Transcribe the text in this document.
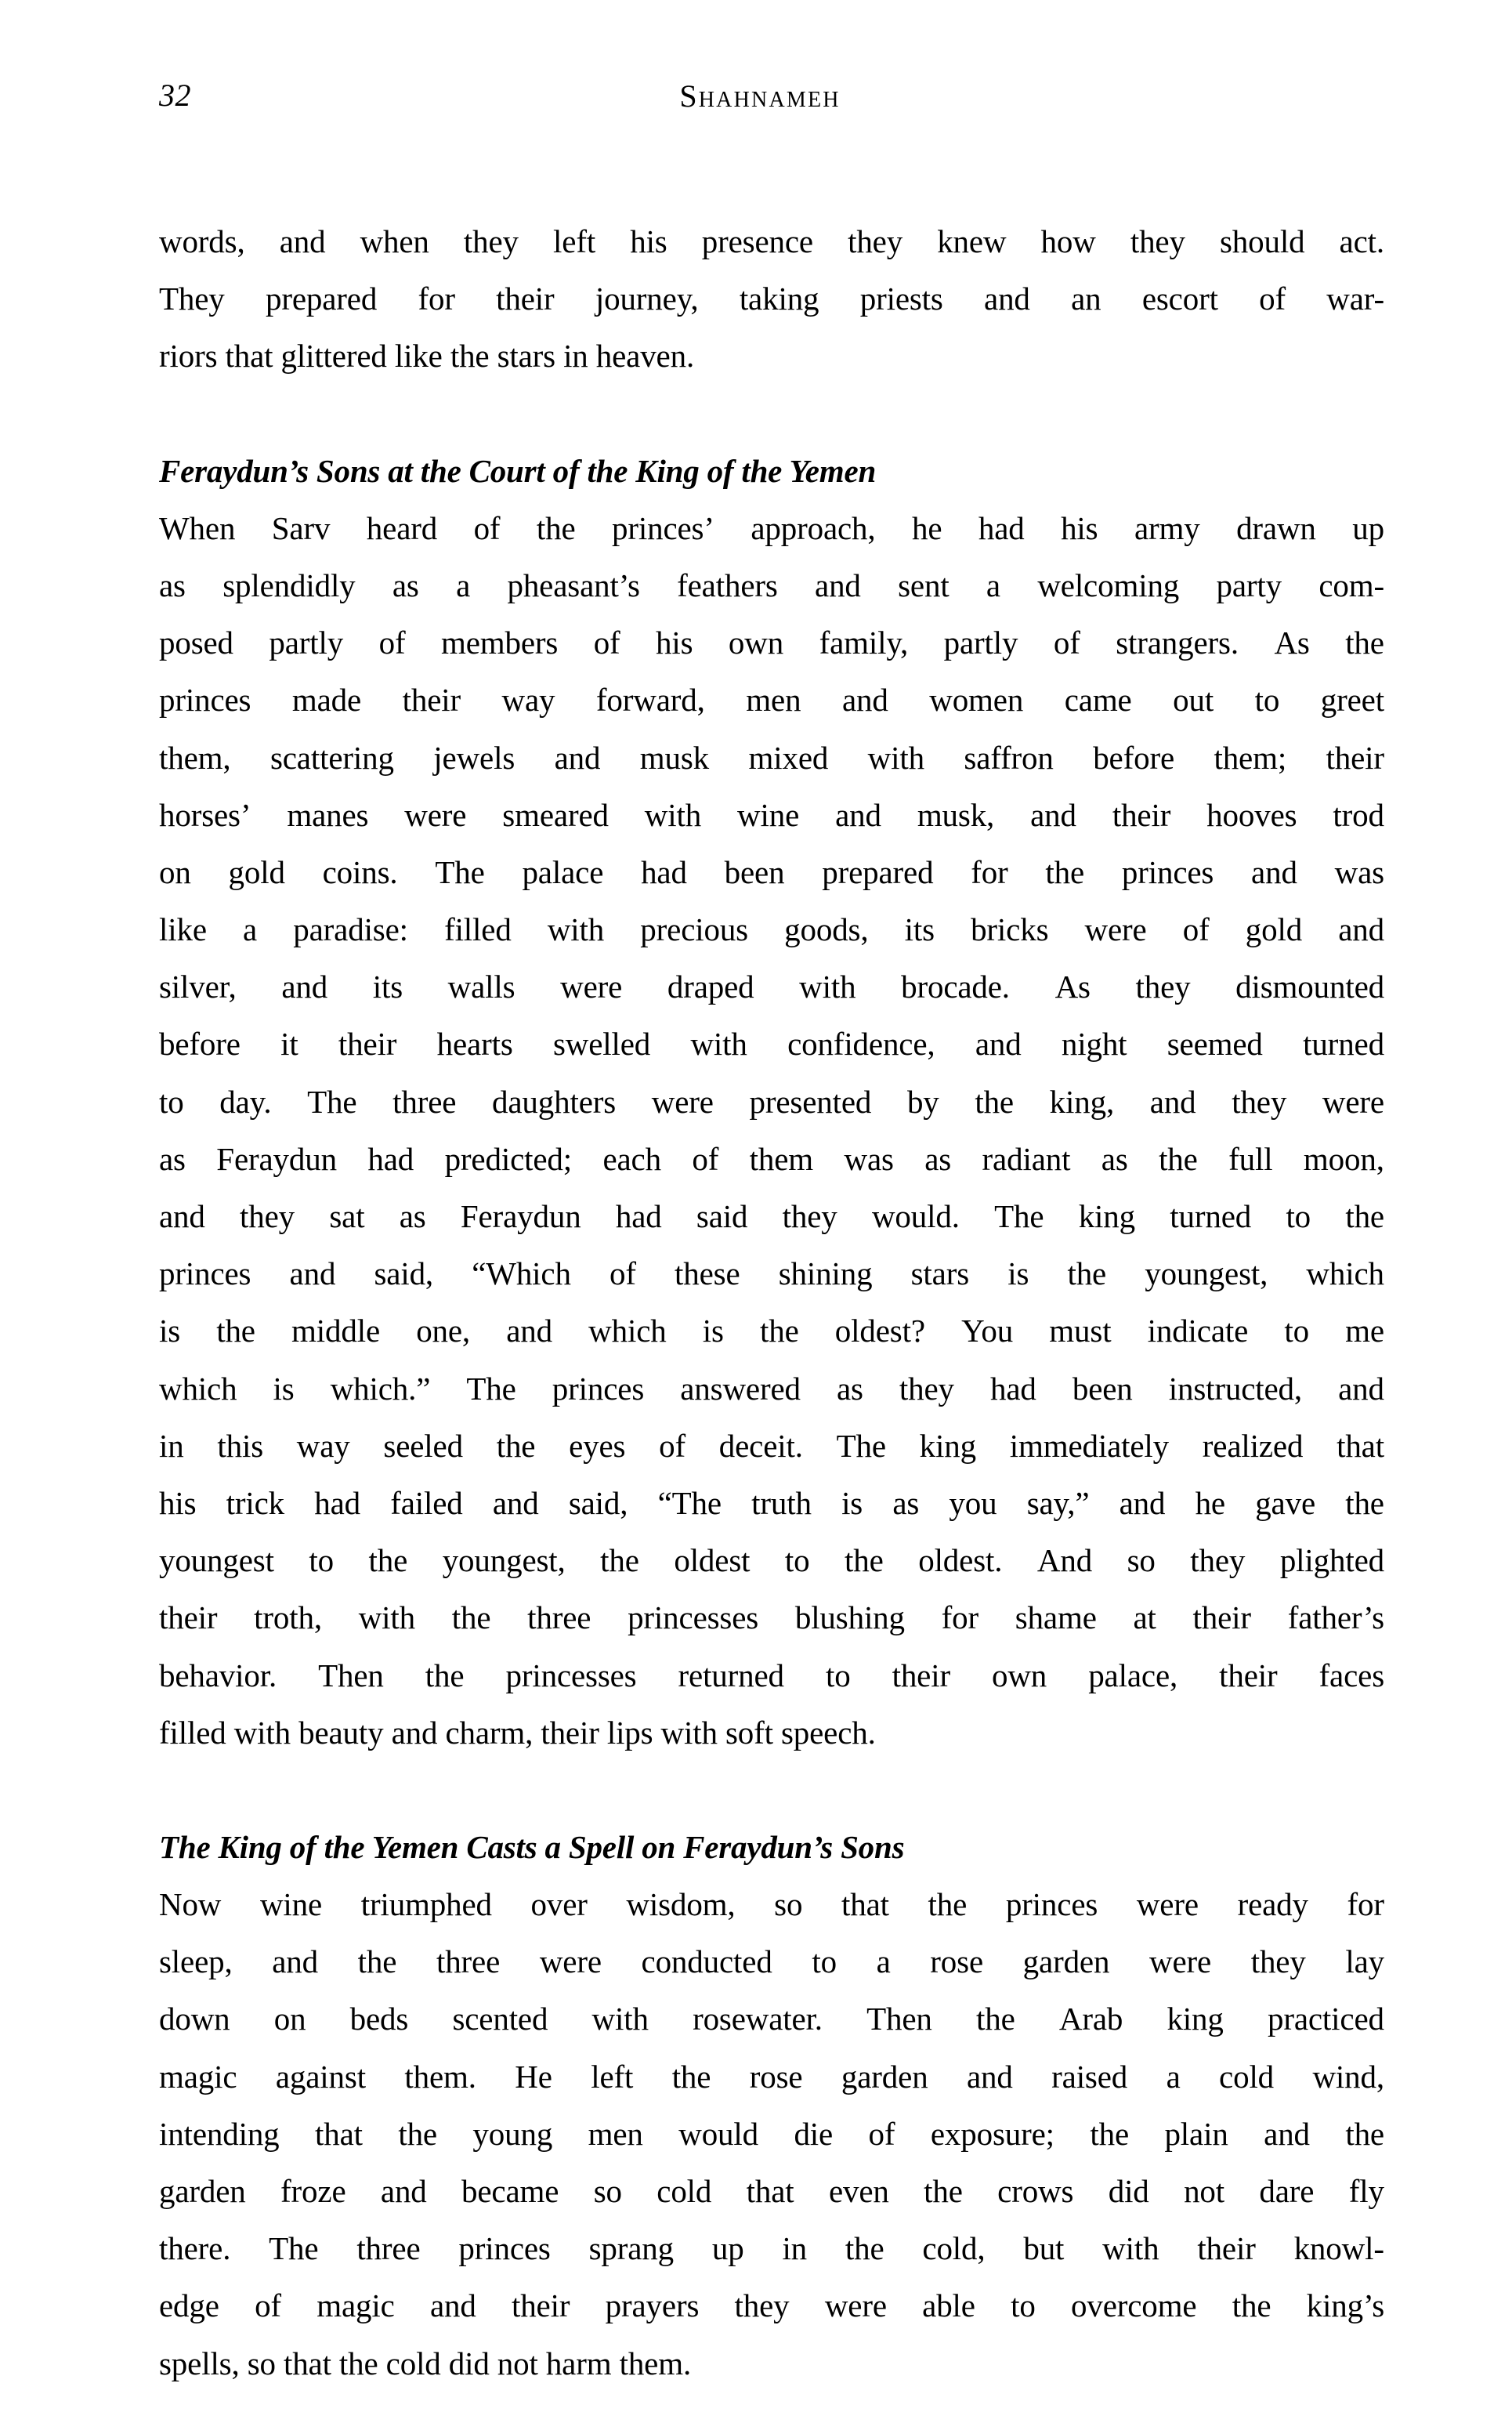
32	Shahnameh
words, and when they left his presence they knew how they should act.
They prepared for their journey, taking priests and an escort of war-
riors that glittered like the stars in heaven.
Feraydun’s Sons at the Court of the King of the Yemen
When Sarv heard of the princes’ approach, he had his army drawn up
as splendidly as a pheasant’s feathers and sent a welcoming party com-
posed partly of members of his own family, partly of strangers. As the
princes made their way forward, men and women came out to greet
them, scattering jewels and musk mixed with saffron before them; their
horses’ manes were smeared with wine and musk, and their hooves trod
on gold coins. The palace had been prepared for the princes and was
like a paradise: filled with precious goods, its bricks were of gold and
silver, and its walls were draped with brocade. As they dismounted
before it their hearts swelled with confidence, and night seemed turned
to day. The three daughters were presented by the king, and they were
as Feraydun had predicted; each of them was as radiant as the full moon,
and they sat as Feraydun had said they would. The king turned to the
princes and said, “Which of these shining stars is the youngest, which
is the middle one, and which is the oldest? You must indicate to me
which is which.” The princes answered as they had been instructed, and
in this way seeled the eyes of deceit. The king immediately realized that
his trick had failed and said, “The truth is as you say,” and he gave the
youngest to the youngest, the oldest to the oldest. And so they plighted
their troth, with the three princesses blushing for shame at their father’s
behavior. Then the princesses returned to their own palace, their faces
filled with beauty and charm, their lips with soft speech.
The King of the Yemen Casts a Spell on Feraydun’s Sons
Now wine triumphed over wisdom, so that the princes were ready for
sleep, and the three were conducted to a rose garden were they lay
down on beds scented with rosewater. Then the Arab king practiced
magic against them. He left the rose garden and raised a cold wind,
intending that the young men would die of exposure; the plain and the
garden froze and became so cold that even the crows did not dare fly
there. The three princes sprang up in the cold, but with their knowl-
edge of magic and their prayers they were able to overcome the king’s
spells, so that the cold did not harm them.
